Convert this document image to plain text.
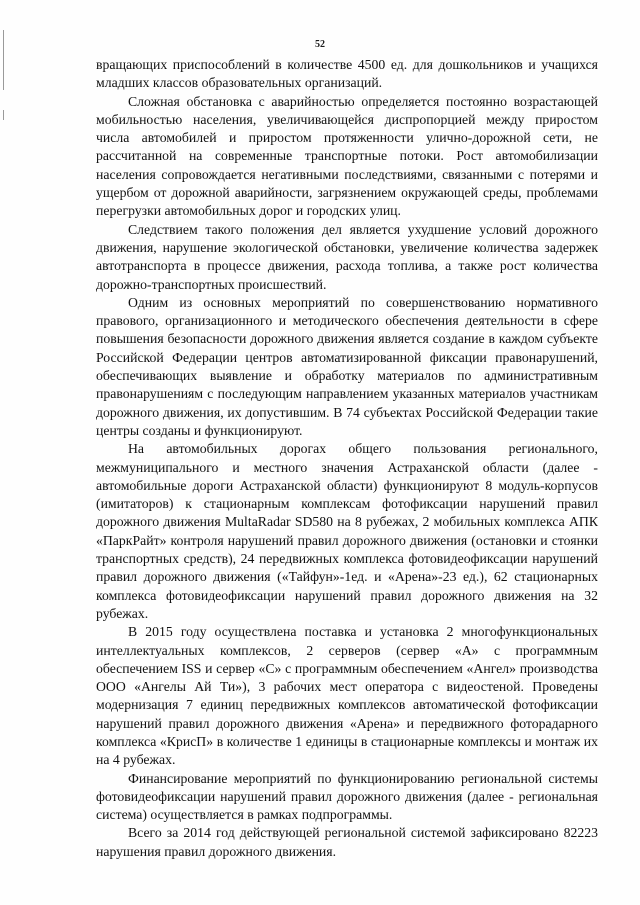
52

вращающих приспособлений в количестве 4500 ед. для дошкольников и учащихся младших классов образовательных организаций.

Сложная обстановка с аварийностью определяется постоянно возрастающей мобильностью населения, увеличивающейся диспропорцией между приростом числа автомобилей и приростом протяженности улично-дорожной сети, не рассчитанной на современные транспортные потоки. Рост автомобилизации населения сопровождается негативными последствиями, связанными с потерями и ущербом от дорожной аварийности, загрязнением окружающей среды, проблемами перегрузки автомобильных дорог и городских улиц.

Следствием такого положения дел является ухудшение условий дорожного движения, нарушение экологической обстановки, увеличение количества задержек автотранспорта в процессе движения, расхода топлива, а также рост количества дорожно-транспортных происшествий.

Одним из основных мероприятий по совершенствованию нормативного правового, организационного и методического обеспечения деятельности в сфере повышения безопасности дорожного движения является создание в каждом субъекте Российской Федерации центров автоматизированной фиксации правонарушений, обеспечивающих выявление и обработку материалов по административным правонарушениям с последующим направлением указанных материалов участникам дорожного движения, их допустившим. В 74 субъектах Российской Федерации такие центры созданы и функционируют.

На автомобильных дорогах общего пользования регионального, межмуниципального и местного значения Астраханской области (далее - автомобильные дороги Астраханской области) функционируют 8 модуль-корпусов (имитаторов) к стационарным комплексам фотофиксации нарушений правил дорожного движения MultaRadar SD580 на 8 рубежах, 2 мобильных комплекса АПК «ПаркРайт» контроля нарушений правил дорожного движения (остановки и стоянки транспортных средств), 24 передвижных комплекса фотовидеофиксации нарушений правил дорожного движения («Тайфун»-1ед. и «Арена»-23 ед.), 62 стационарных комплекса фотовидеофиксации нарушений правил дорожного движения на 32 рубежах.

В 2015 году осуществлена поставка и установка 2 многофункциональных интеллектуальных комплексов, 2 серверов (сервер «А» с программным обеспечением ISS и сервер «С» с программным обеспечением «Ангел» производства ООО «Ангелы Ай Ти»), 3 рабочих мест оператора с видеостеной. Проведены модернизация 7 единиц передвижных комплексов автоматической фотофиксации нарушений правил дорожного движения «Арена» и передвижного фоторадарного комплекса «КрисП» в количестве 1 единицы в стационарные комплексы и монтаж их на 4 рубежах.

Финансирование мероприятий по функционированию региональной системы фотовидеофиксации нарушений правил дорожного движения (далее - региональная система) осуществляется в рамках подпрограммы.

Всего за 2014 год действующей региональной системой зафиксировано 82223 нарушения правил дорожного движения.
